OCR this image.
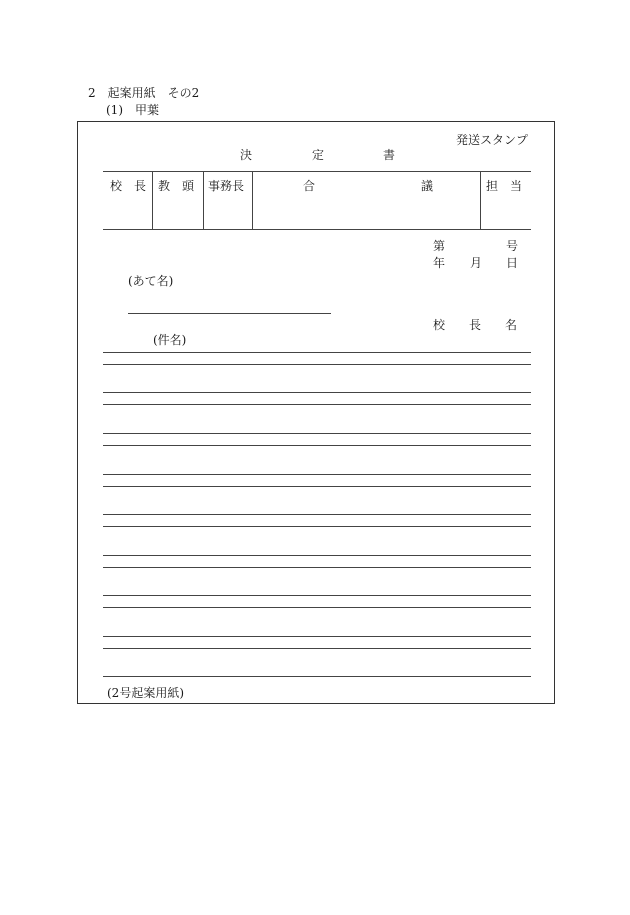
2　起案用紙　その2
(1)　甲葉
発送スタンプ
決	定	書
校　長 教　頭 事務長	合	議	担　当
第	号
年 月 日
(あて名)
校　　長　　名
(件名)
(2号起案用紙)
